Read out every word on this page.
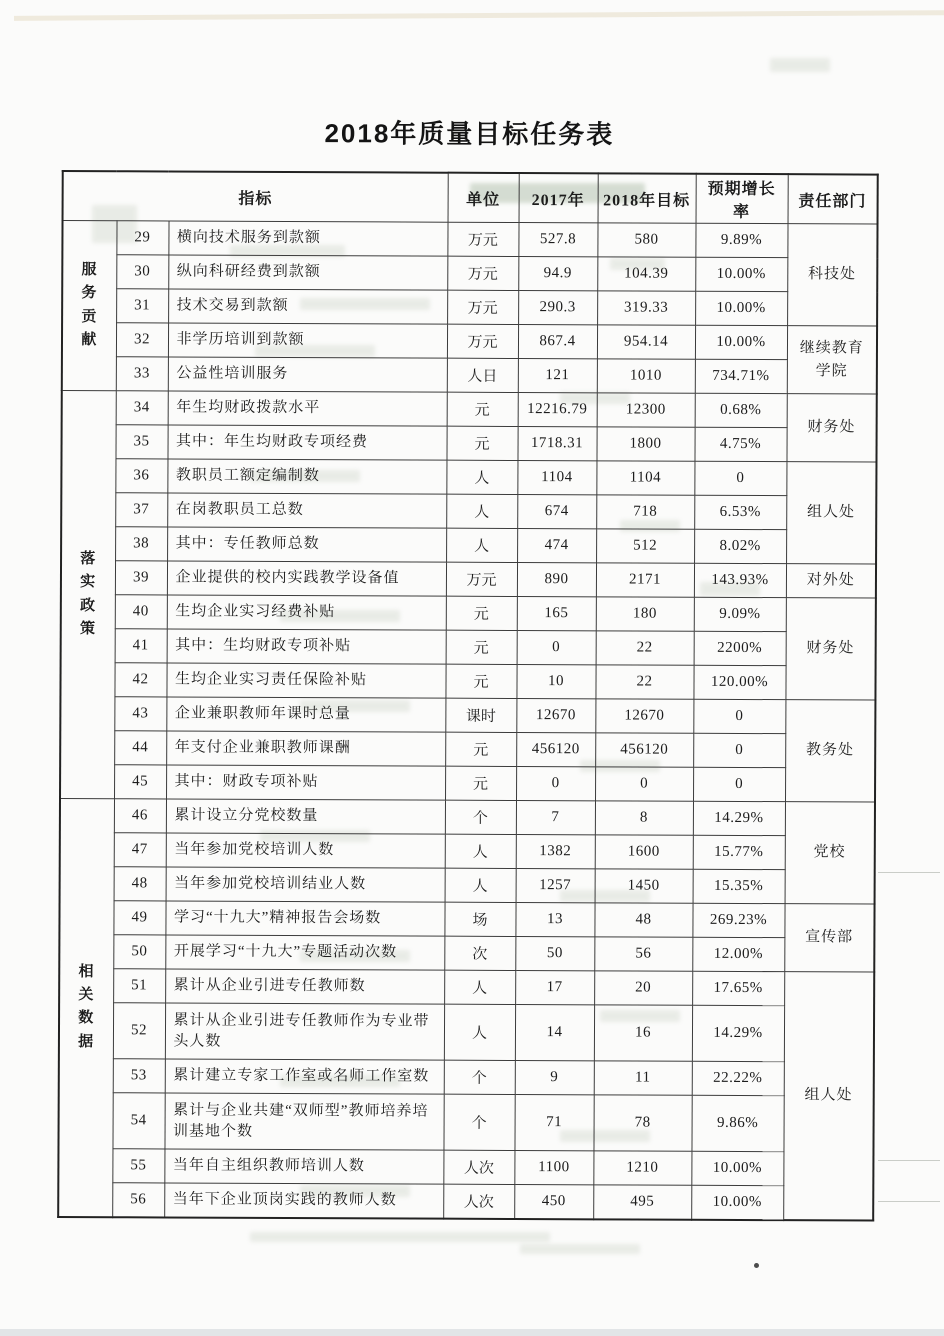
2018年质量目标任务表
指标			单位	2017年	2018年目标	预期增长率	责任部门
服务贡献	29	横向技术服务到款额	万元	527.8	580	9.89%	科技处
	30	纵向科研经费到款额	万元	94.9	104.39	10.00%	
	31	技术交易到款额	万元	290.3	319.33	10.00%	
	32	非学历培训到款额	万元	867.4	954.14	10.00%	继续教育学院
	33	公益性培训服务	人日	121	1010	734.71%	
落实政策	34	年生均财政拨款水平	元	12216.79	12300	0.68%	财务处
	35	其中：年生均财政专项经费	元	1718.31	1800	4.75%	
	36	教职员工额定编制数	人	1104	1104	0	组人处
	37	在岗教职员工总数	人	674	718	6.53%	
	38	其中：专任教师总数	人	474	512	8.02%	
	39	企业提供的校内实践教学设备值	万元	890	2171	143.93%	对外处
	40	生均企业实习经费补贴	元	165	180	9.09%	财务处
	41	其中：生均财政专项补贴	元	0	22	2200%	
	42	生均企业实习责任保险补贴	元	10	22	120.00%	
	43	企业兼职教师年课时总量	课时	12670	12670	0	教务处
	44	年支付企业兼职教师课酬	元	456120	456120	0	
	45	其中：财政专项补贴	元	0	0	0	
相关数据	46	累计设立分党校数量	个	7	8	14.29%	党校
	47	当年参加党校培训人数	人	1382	1600	15.77%	
	48	当年参加党校培训结业人数	人	1257	1450	15.35%	
	49	学习“十九大”精神报告会场数	场	13	48	269.23%	宣传部
	50	开展学习“十九大”专题活动次数	次	50	56	12.00%	
	51	累计从企业引进专任教师数	人	17	20	17.65%	组人处
	52	累计从企业引进专任教师作为专业带头人数	人	14	16	14.29%	
	53	累计建立专家工作室或名师工作室数	个	9	11	22.22%	
	54	累计与企业共建“双师型”教师培养培训基地个数	个	71	78	9.86%	
	55	当年自主组织教师培训人数	人次	1100	1210	10.00%	
	56	当年下企业顶岗实践的教师人数	人次	450	495	10.00%	
